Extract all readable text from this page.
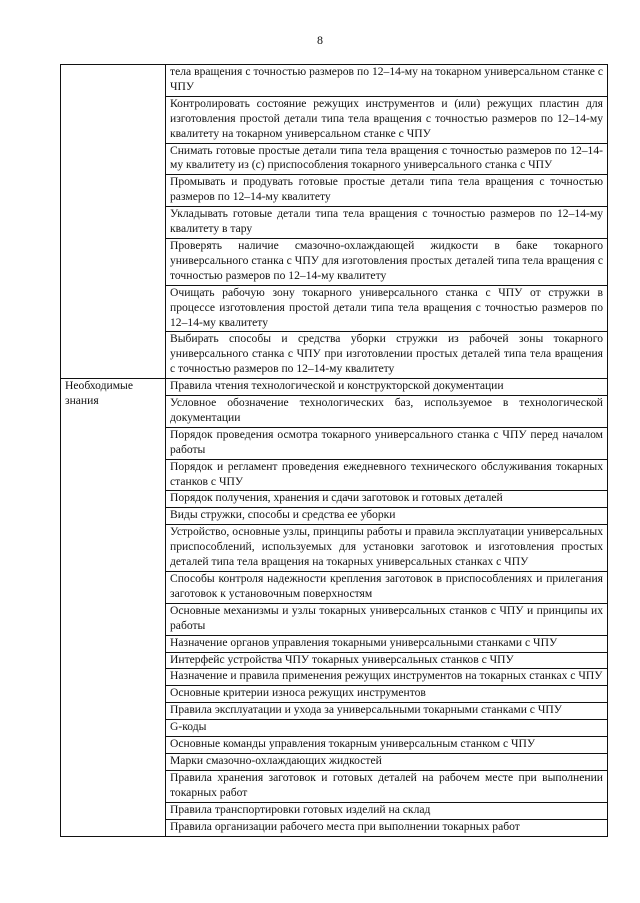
8
	тела вращения с точностью размеров по 12–14-му на токарном универсальном станке с ЧПУ
	Контролировать состояние режущих инструментов и (или) режущих пластин для изготовления простой детали типа тела вращения с точностью размеров по 12–14-му квалитету на токарном универсальном станке с ЧПУ
	Снимать готовые простые детали типа тела вращения с точностью размеров по 12–14-му квалитету из (с) приспособления токарного универсального станка с ЧПУ
	Промывать и продувать готовые простые детали типа тела вращения с точностью размеров по 12–14-му квалитету
	Укладывать готовые детали типа тела вращения с точностью размеров по 12–14-му квалитету в тару
	Проверять наличие смазочно-охлаждающей жидкости в баке токарного универсального станка с ЧПУ для изготовления простых деталей типа тела вращения с точностью размеров по 12–14-му квалитету
	Очищать рабочую зону токарного универсального станка с ЧПУ от стружки в процессе изготовления простой детали типа тела вращения с точностью размеров по 12–14-му квалитету
	Выбирать способы и средства уборки стружки из рабочей зоны токарного универсального станка с ЧПУ при изготовлении простых деталей типа тела вращения с точностью размеров по 12–14-му квалитету
Необходимые знания	Правила чтения технологической и конструкторской документации
	Условное обозначение технологических баз, используемое в технологической документации
	Порядок проведения осмотра токарного универсального станка с ЧПУ перед началом работы
	Порядок и регламент проведения ежедневного технического обслуживания токарных станков с ЧПУ
	Порядок получения, хранения и сдачи заготовок и готовых деталей
	Виды стружки, способы и средства ее уборки
	Устройство, основные узлы, принципы работы и правила эксплуатации универсальных приспособлений, используемых для установки заготовок и изготовления простых деталей типа тела вращения на токарных универсальных станках с ЧПУ
	Способы контроля надежности крепления заготовок в приспособлениях и прилегания заготовок к установочным поверхностям
	Основные механизмы и узлы токарных универсальных станков с ЧПУ и принципы их работы
	Назначение органов управления токарными универсальными станками с ЧПУ
	Интерфейс устройства ЧПУ токарных универсальных станков с ЧПУ
	Назначение и правила применения режущих инструментов на токарных станках с ЧПУ
	Основные критерии износа режущих инструментов
	Правила эксплуатации и ухода за универсальными токарными станками с ЧПУ
	G-коды
	Основные команды управления токарным универсальным станком с ЧПУ
	Марки смазочно-охлаждающих жидкостей
	Правила хранения заготовок и готовых деталей на рабочем месте при выполнении токарных работ
	Правила транспортировки готовых изделий на склад
	Правила организации рабочего места при выполнении токарных работ
